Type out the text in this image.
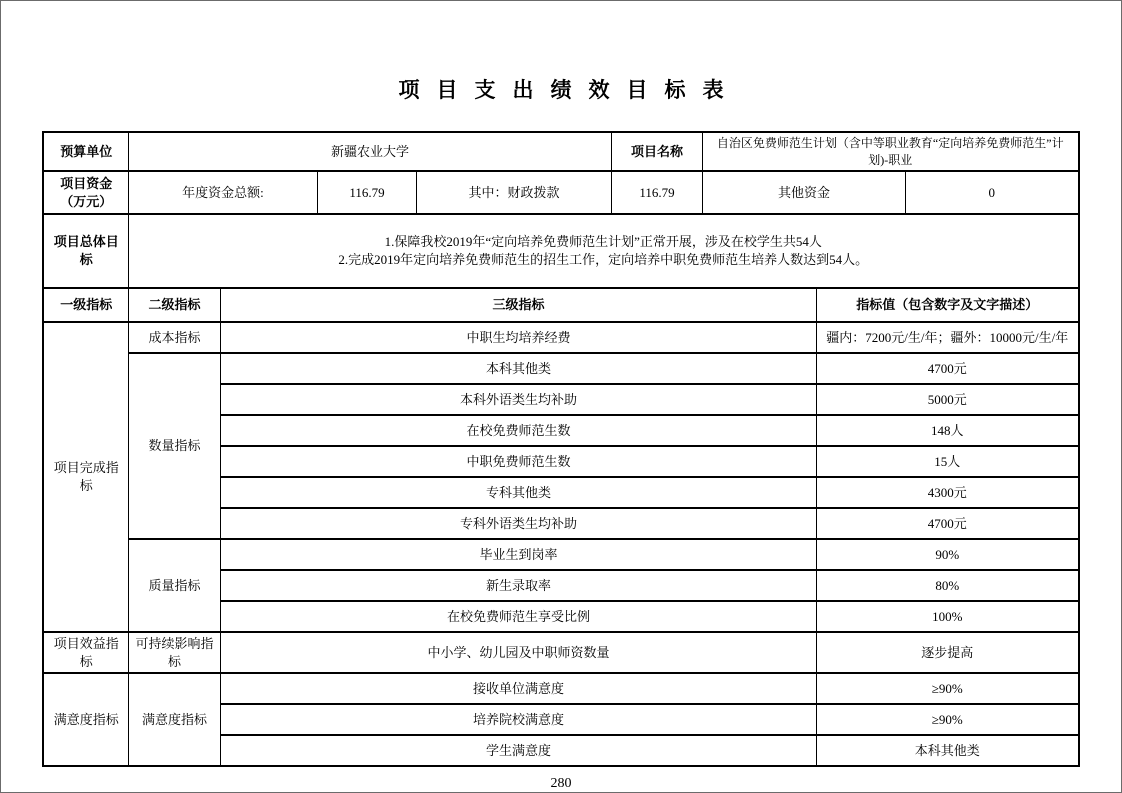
项目支出绩效目标表
预算单位	新疆农业大学				项目名称	自治区免费师范生计划（含中等职业教育“定向培养免费师范生”计划)-职业		
项目资金（万元）	年度资金总额:		116.79	其中：财政拨款	116.79	其他资金		0
项目总体目标	1.保障我校2019年“定向培养免费师范生计划”正常开展，涉及在校学生共54人
2.完成2019年定向培养免费师范生的招生工作，定向培养中职免费师范生培养人数达到54人。							

一级指标	二级指标	三级指标					指标值（包含数字及文字描述）	
项目完成指标	成本指标	中职生均培养经费					疆内：7200元/生/年；疆外：10000元/生/年	
	数量指标	本科其他类					4700元	
		本科外语类生均补助					5000元	
		在校免费师范生数					148人	
		中职免费师范生数					15人	
		专科其他类					4300元	
		专科外语类生均补助					4700元	
	质量指标	毕业生到岗率					90%	
		新生录取率					80%	
		在校免费师范生享受比例					100%	
项目效益指标	可持续影响指标	中小学、幼儿园及中职师资数量					逐步提高	
满意度指标	满意度指标	接收单位满意度					≥90%	
		培养院校满意度					≥90%	
		学生满意度					本科其他类	
280
